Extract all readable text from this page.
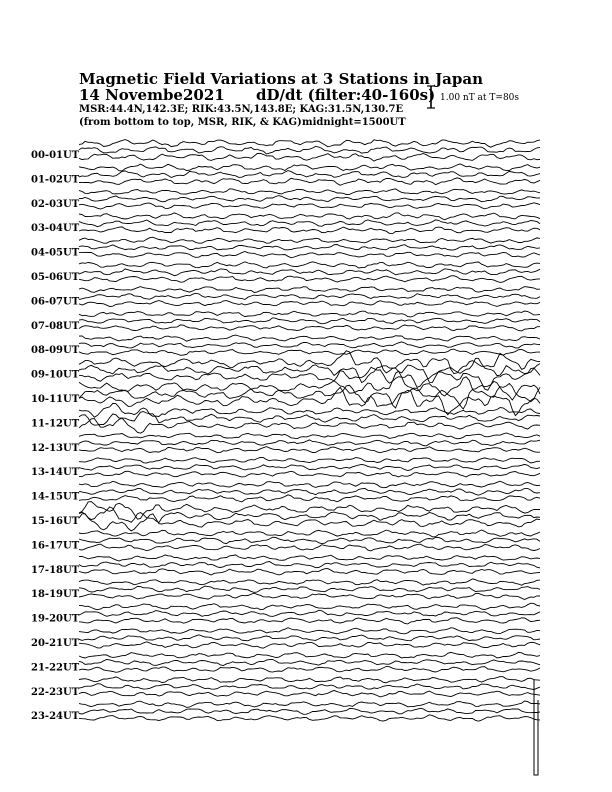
Magnetic Field Variations at 3 Stations in Japan
14 Novembe2021 dD/dt (filter:40-160s)
MSR:44.4N,142.3E; RIK:43.5N,143.8E; KAG:31.5N,130.7E
(from bottom to top, MSR, RIK, & KAG) midnight=1500UT
1.00 nT at T=80s
00-01UT
01-02UT
02-03UT
03-04UT
04-05UT
05-06UT
06-07UT
07-08UT
08-09UT
09-10UT
10-11UT
11-12UT
12-13UT
13-14UT
14-15UT
15-16UT
16-17UT
17-18UT
18-19UT
19-20UT
20-21UT
21-22UT
22-23UT
23-24UT
